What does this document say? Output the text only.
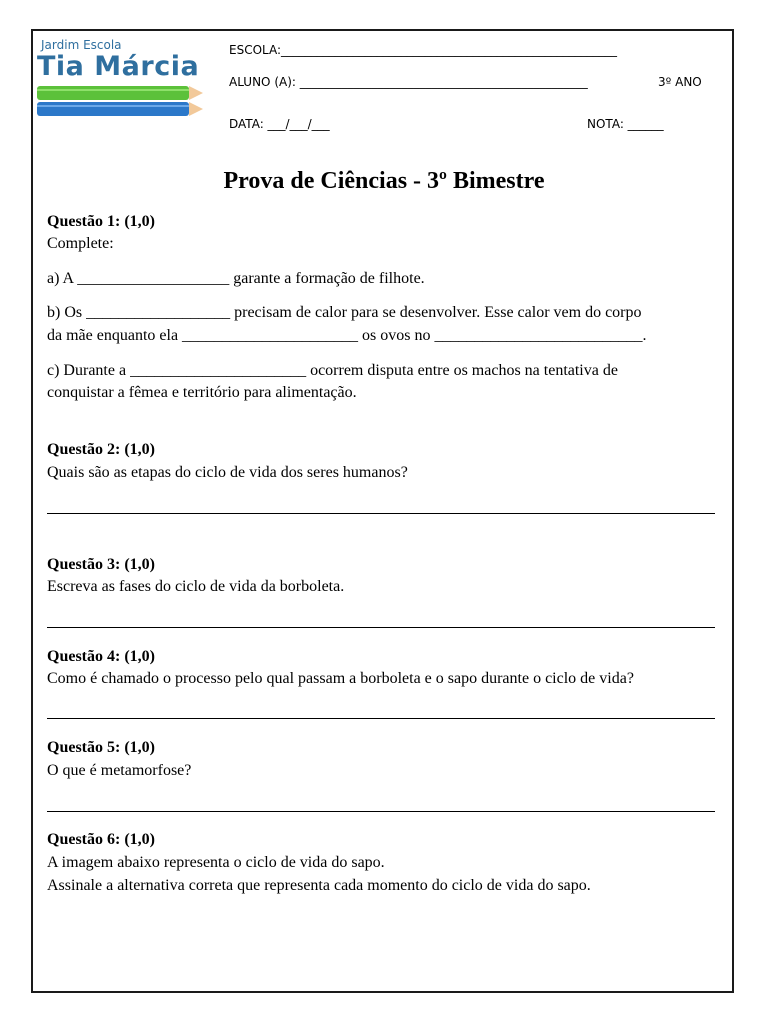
Jardim Escola
Tia Márcia
ESCOLA:________________________________________________________
ALUNO (A): ________________________________________________	3º ANO
DATA: ___/___/___	NOTA: ______
Prova de Ciências - 3º Bimestre
Questão 1: (1,0)
Complete:
a) A ___________________ garante a formação de filhote.
b) Os __________________ precisam de calor para se desenvolver. Esse calor vem do corpo
da mãe enquanto ela ______________________ os ovos no __________________________.
c) Durante a ______________________ ocorrem disputa entre os machos na tentativa de
conquistar a fêmea e território para alimentação.
Questão 2: (1,0)
Quais são as etapas do ciclo de vida dos seres humanos?
Questão 3: (1,0)
Escreva as fases do ciclo de vida da borboleta.
Questão 4: (1,0)
Como é chamado o processo pelo qual passam a borboleta e o sapo durante o ciclo de vida?
Questão 5: (1,0)
O que é metamorfose?
Questão 6: (1,0)
A imagem abaixo representa o ciclo de vida do sapo.
Assinale a alternativa correta que representa cada momento do ciclo de vida do sapo.
